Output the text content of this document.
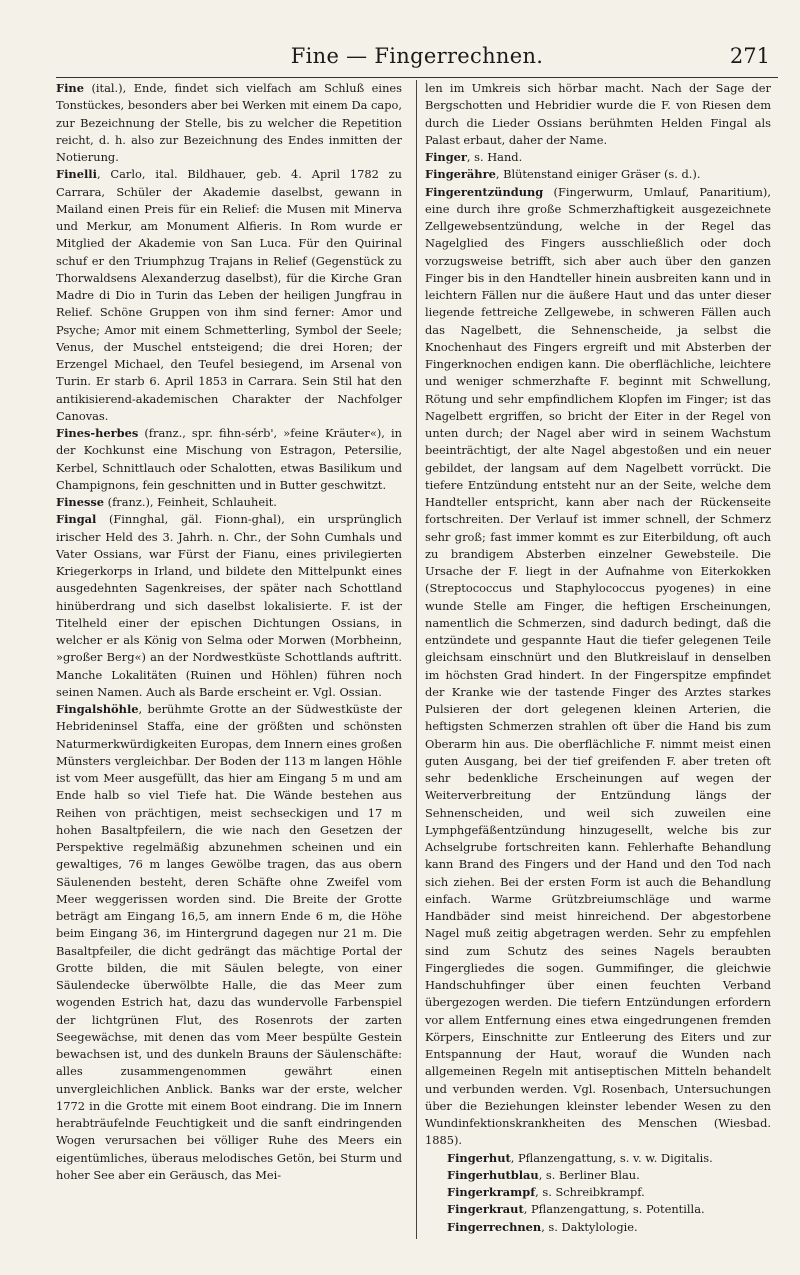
Fine — Fingerrechnen.	271

Fine (ital.), Ende, findet sich vielfach am Schluß eines Tonstückes, besonders aber bei Werken mit einem Da capo, zur Bezeichnung der Stelle, bis zu welcher die Repetition reicht, d. h. also zur Bezeichnung des Endes inmitten der Notierung.

Finelli, Carlo, ital. Bildhauer, geb. 4. April 1782 zu Carrara, Schüler der Akademie daselbst, gewann in Mailand einen Preis für ein Relief: die Musen mit Minerva und Merkur, am Monument Alfieris. In Rom wurde er Mitglied der Akademie von San Luca. Für den Quirinal schuf er den Triumphzug Trajans in Relief (Gegenstück zu Thorwaldsens Alexanderzug daselbst), für die Kirche Gran Madre di Dio in Turin das Leben der heiligen Jungfrau in Relief. Schöne Gruppen von ihm sind ferner: Amor und Psyche; Amor mit einem Schmetterling, Symbol der Seele; Venus, der Muschel entsteigend; die drei Horen; der Erzengel Michael, den Teufel besiegend, im Arsenal von Turin. Er starb 6. April 1853 in Carrara. Sein Stil hat den antikisierend-akademischen Charakter der Nachfolger Canovas.

Fines-herbes (franz., spr. fihn-sérb', »feine Kräuter«), in der Kochkunst eine Mischung von Estragon, Petersilie, Kerbel, Schnittlauch oder Schalotten, etwas Basilikum und Champignons, fein geschnitten und in Butter geschwitzt.

Finesse (franz.), Feinheit, Schlauheit.

Fingal (Finnghal, gäl. Fionn-ghal), ein ursprünglich irischer Held des 3. Jahrh. n. Chr., der Sohn Cumhals und Vater Ossians, war Fürst der Fianu, eines privilegierten Kriegerkorps in Irland, und bildete den Mittelpunkt eines ausgedehnten Sagenkreises, der später nach Schottland hinüberdrang und sich daselbst lokalisierte. F. ist der Titelheld einer der epischen Dichtungen Ossians, in welcher er als König von Selma oder Morwen (Morbheinn, »großer Berg«) an der Nordwestküste Schottlands auftritt. Manche Lokalitäten (Ruinen und Höhlen) führen noch seinen Namen. Auch als Barde erscheint er. Vgl. Ossian.

Fingalshöhle, berühmte Grotte an der Südwestküste der Hebrideninsel Staffa, eine der größten und schönsten Naturmerkwürdigkeiten Europas, dem Innern eines großen Münsters vergleichbar. Der Boden der 113 m langen Höhle ist vom Meer ausgefüllt, das hier am Eingang 5 m und am Ende halb so viel Tiefe hat. Die Wände bestehen aus Reihen von prächtigen, meist sechseckigen und 17 m hohen Basaltpfeilern, die wie nach den Gesetzen der Perspektive regelmäßig abzunehmen scheinen und ein gewaltiges, 76 m langes Gewölbe tragen, das aus obern Säulenenden besteht, deren Schäfte ohne Zweifel vom Meer weggerissen worden sind. Die Breite der Grotte beträgt am Eingang 16,5, am innern Ende 6 m, die Höhe beim Eingang 36, im Hintergrund dagegen nur 21 m. Die Basaltpfeiler, die dicht gedrängt das mächtige Portal der Grotte bilden, die mit Säulen belegte, von einer Säulendecke überwölbte Halle, die das Meer zum wogenden Estrich hat, dazu das wundervolle Farbenspiel der lichtgrünen Flut, des Rosenrots der zarten Seegewächse, mit denen das vom Meer bespülte Gestein bewachsen ist, und des dunkeln Brauns der Säulenschäfte: alles zusammengenommen gewährt einen unvergleichlichen Anblick. Banks war der erste, welcher 1772 in die Grotte mit einem Boot eindrang. Die im Innern herabträufelnde Feuchtigkeit und die sanft eindringenden Wogen verursachen bei völliger Ruhe des Meers ein eigentümliches, überaus melodisches Getön, bei Sturm und hoher See aber ein Geräusch, das Mei-

len im Umkreis sich hörbar macht. Nach der Sage der Bergschotten und Hebridier wurde die F. von Riesen dem durch die Lieder Ossians berühmten Helden Fingal als Palast erbaut, daher der Name.

Finger, s. Hand.

Fingerähre, Blütenstand einiger Gräser (s. d.).

Fingerentzündung (Fingerwurm, Umlauf, Panaritium), eine durch ihre große Schmerzhaftigkeit ausgezeichnete Zellgewebsentzündung, welche in der Regel das Nagelglied des Fingers ausschließlich oder doch vorzugsweise betrifft, sich aber auch über den ganzen Finger bis in den Handteller hinein ausbreiten kann und in leichtern Fällen nur die äußere Haut und das unter dieser liegende fettreiche Zellgewebe, in schweren Fällen auch das Nagelbett, die Sehnenscheide, ja selbst die Knochenhaut des Fingers ergreift und mit Absterben der Fingerknochen endigen kann. Die oberflächliche, leichtere und weniger schmerzhafte F. beginnt mit Schwellung, Rötung und sehr empfindlichem Klopfen im Finger; ist das Nagelbett ergriffen, so bricht der Eiter in der Regel von unten durch; der Nagel aber wird in seinem Wachstum beeinträchtigt, der alte Nagel abgestoßen und ein neuer gebildet, der langsam auf dem Nagelbett vorrückt. Die tiefere Entzündung entsteht nur an der Seite, welche dem Handteller entspricht, kann aber nach der Rückenseite fortschreiten. Der Verlauf ist immer schnell, der Schmerz sehr groß; fast immer kommt es zur Eiterbildung, oft auch zu brandigem Absterben einzelner Gewebsteile. Die Ursache der F. liegt in der Aufnahme von Eiterkokken (Streptococcus und Staphylococcus pyogenes) in eine wunde Stelle am Finger, die heftigen Erscheinungen, namentlich die Schmerzen, sind dadurch bedingt, daß die entzündete und gespannte Haut die tiefer gelegenen Teile gleichsam einschnürt und den Blutkreislauf in denselben im höchsten Grad hindert. In der Fingerspitze empfindet der Kranke wie der tastende Finger des Arztes starkes Pulsieren der dort gelegenen kleinen Arterien, die heftigsten Schmerzen strahlen oft über die Hand bis zum Oberarm hin aus. Die oberflächliche F. nimmt meist einen guten Ausgang, bei der tief greifenden F. aber treten oft sehr bedenkliche Erscheinungen auf wegen der Weiterverbreitung der Entzündung längs der Sehnenscheiden, und weil sich zuweilen eine Lymphgefäßentzündung hinzugesellt, welche bis zur Achselgrube fortschreiten kann. Fehlerhafte Behandlung kann Brand des Fingers und der Hand und den Tod nach sich ziehen. Bei der ersten Form ist auch die Behandlung einfach. Warme Grützbreiumschläge und warme Handbäder sind meist hinreichend. Der abgestorbene Nagel muß zeitig abgetragen werden. Sehr zu empfehlen sind zum Schutz des seines Nagels beraubten Fingergliedes die sogen. Gummifinger, die gleichwie Handschuhfinger über einen feuchten Verband übergezogen werden. Die tiefern Entzündungen erfordern vor allem Entfernung eines etwa eingedrungenen fremden Körpers, Einschnitte zur Entleerung des Eiters und zur Entspannung der Haut, worauf die Wunden nach allgemeinen Regeln mit antiseptischen Mitteln behandelt und verbunden werden. Vgl. Rosenbach, Untersuchungen über die Beziehungen kleinster lebender Wesen zu den Wundinfektionskrankheiten des Menschen (Wiesbad. 1885).

Fingerhut, Pflanzengattung, s. v. w. Digitalis.

Fingerhutblau, s. Berliner Blau.

Fingerkrampf, s. Schreibkrampf.

Fingerkraut, Pflanzengattung, s. Potentilla.

Fingerrechnen, s. Daktylologie.
